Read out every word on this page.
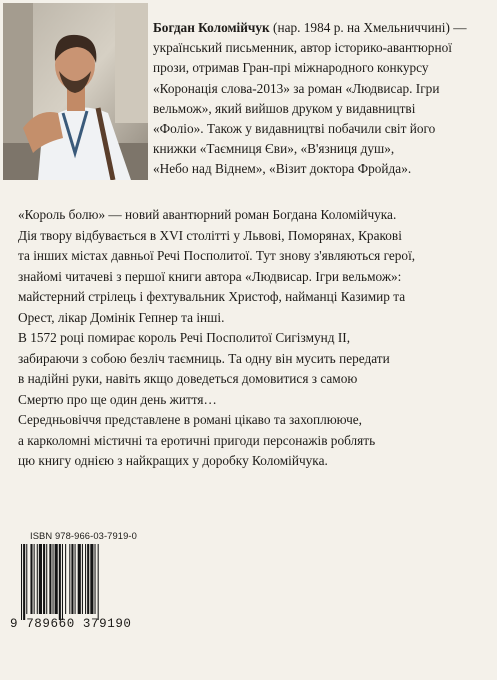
Богдан Коломійчук (нар. 1984 р. на Хмельниччині) —

український письменник, автор історико-авантюрної

прози, отримав Гран-прі міжнародного конкурсу

«Коронація слова-2013» за роман «Людвисар. Ігри

вельмож», який вийшов друком у видавництві

«Фоліо». Також у видавництві побачили світ його

книжки «Таємниця Єви», «В'язниця душ»,

«Небо над Віднем», «Візит доктора Фройда».

«Король болю» — новий авантюрний роман Богдана Коломійчука.

Дія твору відбувається в XVI столітті у Львові, Поморянах, Кракові

та інших містах давньої Речі Посполитої. Тут знову з'являються герої,

знайомі читачеві з першої книги автора «Людвисар. Ігри вельмож»:

майстерний стрілець і фехтувальник Христоф, найманці Казимир та

Орест, лікар Домінік Гепнер та інші.

В 1572 році помирає король Речі Посполитої Сигізмунд ІІ,

забираючи з собою безліч таємниць. Та одну він мусить передати

в надійні руки, навіть якщо доведеться домовитися з самою

Смертю про ще один день життя…

Середньовіччя представлене в романі цікаво та захоплююче,

а карколомні містичні та еротичні пригоди персонажів роблять

цю книгу однією з найкращих у доробку Коломійчука.

ISBN 978-966-03-7919-0
9 789660 379190
